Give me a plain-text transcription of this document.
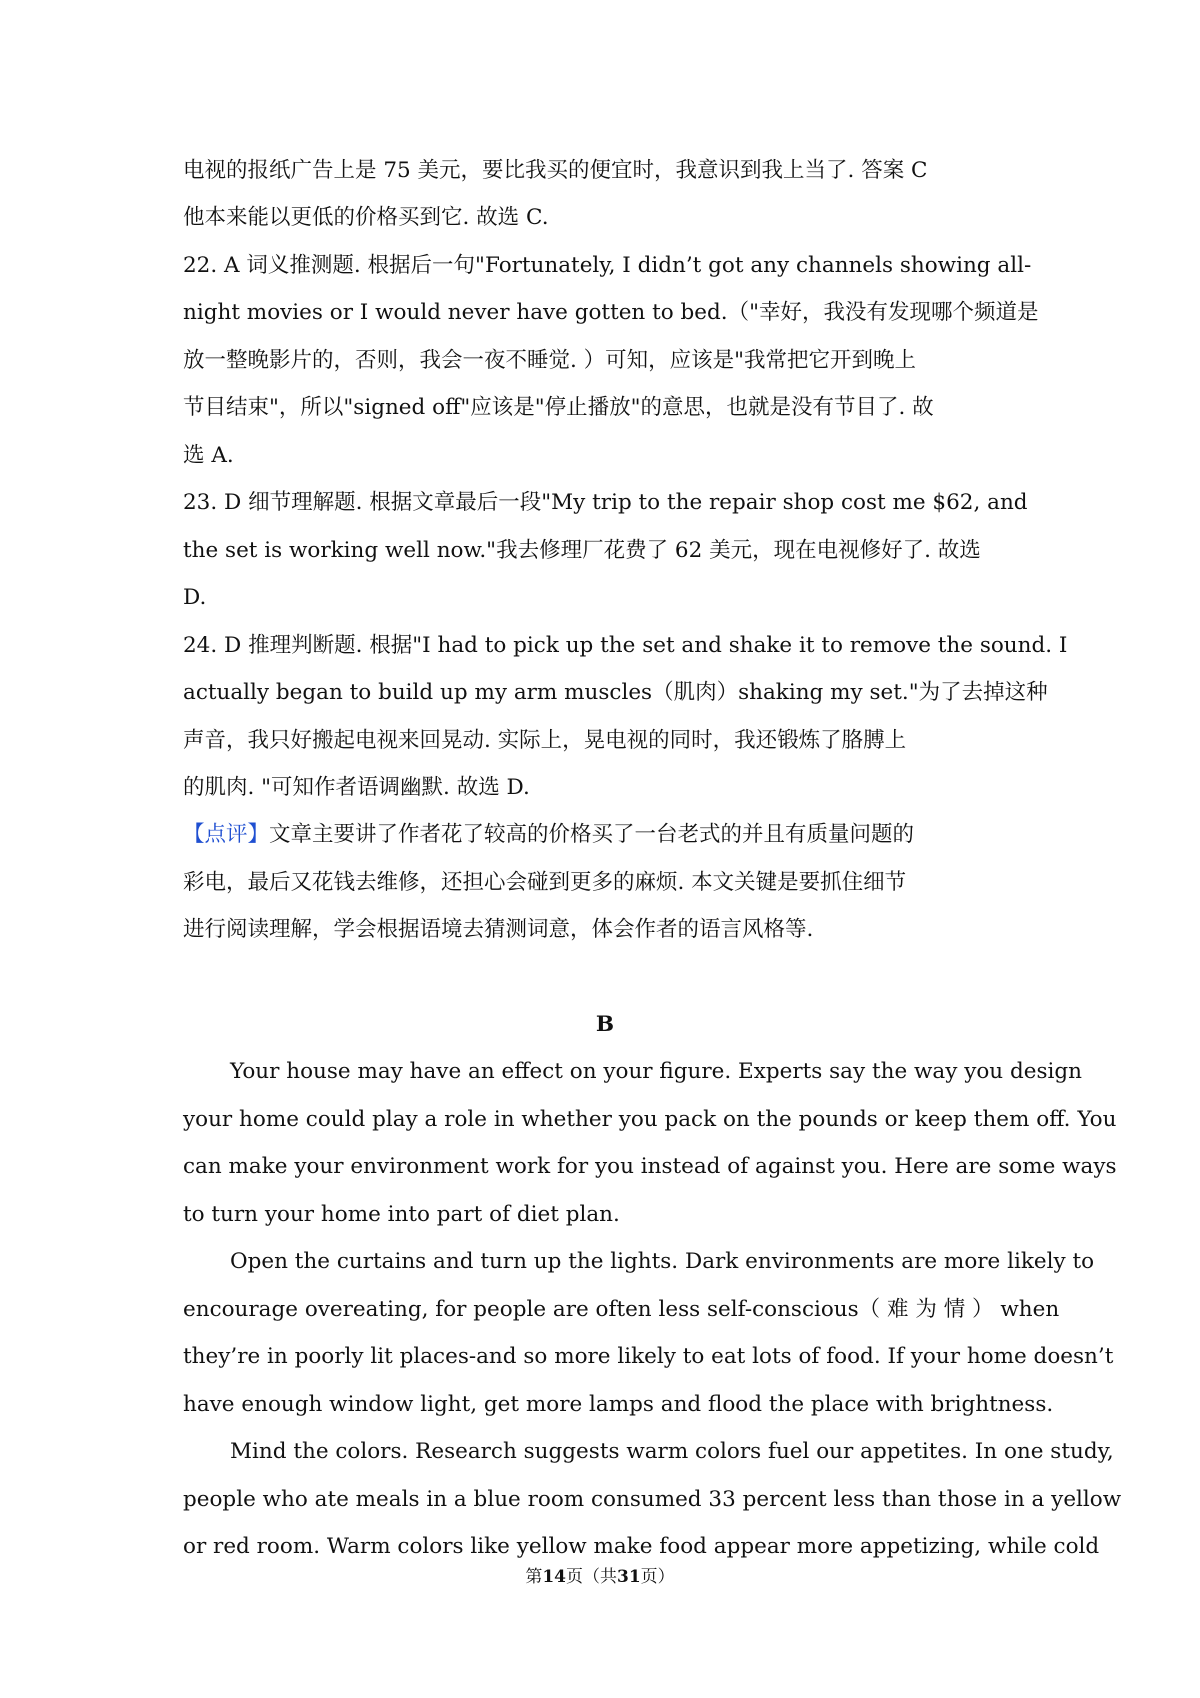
电视的报纸广告上是 75 美元，要比我买的便宜时，我意识到我上当了. 答案 C
他本来能以更低的价格买到它. 故选 C.
22. A 词义推测题. 根据后一句"Fortunately, I didn’t got any channels showing all-
night movies or I would never have gotten to bed.（"幸好，我没有发现哪个频道是
放一整晚影片的，否则，我会一夜不睡觉. ）可知，应该是"我常把它开到晚上
节目结束"，所以"signed off"应该是"停止播放"的意思，也就是没有节目了. 故
选 A.
23. D 细节理解题. 根据文章最后一段"My trip to the repair shop cost me $62, and
the set is working well now."我去修理厂花费了 62 美元，现在电视修好了. 故选
D.
24. D 推理判断题. 根据"I had to pick up the set and shake it to remove the sound. I
actually began to build up my arm muscles（肌肉）shaking my set."为了去掉这种
声音，我只好搬起电视来回晃动. 实际上，晃电视的同时，我还锻炼了胳膊上
的肌肉. "可知作者语调幽默. 故选 D.
【点评】文章主要讲了作者花了较高的价格买了一台老式的并且有质量问题的
彩电，最后又花钱去维修，还担心会碰到更多的麻烦. 本文关键是要抓住细节
进行阅读理解，学会根据语境去猜测词意，体会作者的语言风格等.
B
Your house may have an effect on your figure. Experts say the way you design
your home could play a role in whether you pack on the pounds or keep them off. You
can make your environment work for you instead of against you. Here are some ways
to turn your home into part of diet plan.
Open the curtains and turn up the lights. Dark environments are more likely to
encourage overeating, for people are often less self-conscious（ 难 为 情 ） when
they’re in poorly lit places-and so more likely to eat lots of food. If your home doesn’t
have enough window light, get more lamps and flood the place with brightness.
Mind the colors. Research suggests warm colors fuel our appetites. In one study,
people who ate meals in a blue room consumed 33 percent less than those in a yellow
or red room. Warm colors like yellow make food appear more appetizing, while cold
第14页（共31页）
